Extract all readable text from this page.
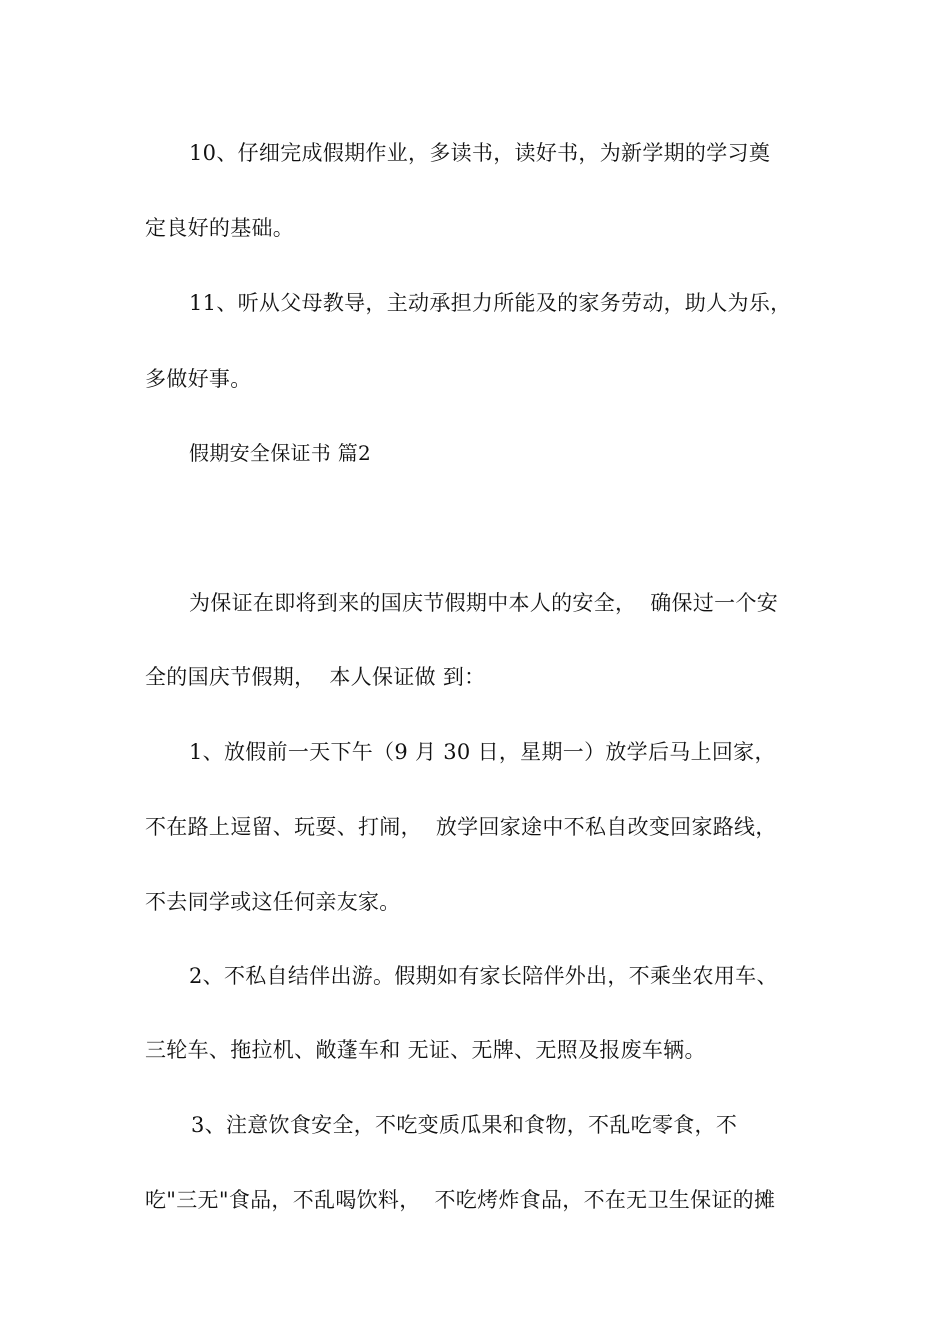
10、仔细完成假期作业，多读书，读好书，为新学期的学习奠
定良好的基础。
11、听从父母教导，主动承担力所能及的家务劳动，助人为乐，
多做好事。
假期安全保证书 篇2
为保证在即将到来的国庆节假期中本人的安全，  确保过一个安
全的国庆节假期，  本人保证做 到：
1、放假前一天下午（9 月 30 日，星期一）放学后马上回家，
不在路上逗留、玩耍、打闹，  放学回家途中不私自改变回家路线，
不去同学或这任何亲友家。
2、不私自结伴出游。假期如有家长陪伴外出，不乘坐农用车、
三轮车、拖拉机、敞蓬车和 无证、无牌、无照及报废车辆。
3、注意饮食安全，不吃变质瓜果和食物，不乱吃零食，不
吃"三无"食品，不乱喝饮料，  不吃烤炸食品，不在无卫生保证的摊
